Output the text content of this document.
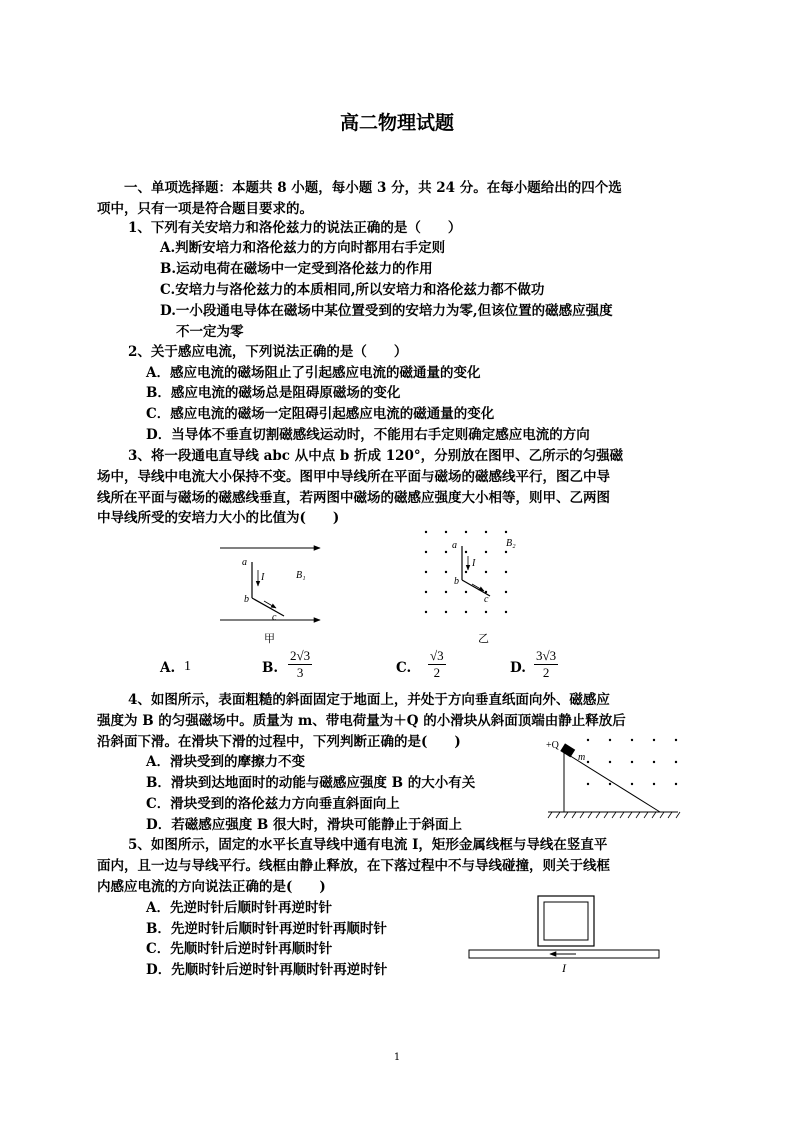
高二物理试题
一、单项选择题：本题共 8 小题，每小题 3 分，共 24 分。在每小题给出的四个选
项中，只有一项是符合题目要求的。
1、下列有关安培力和洛伦兹力的说法正确的是（　　）
A.判断安培力和洛伦兹力的方向时都用右手定则
B.运动电荷在磁场中一定受到洛伦兹力的作用
C.安培力与洛伦兹力的本质相同,所以安培力和洛伦兹力都不做功
D.一小段通电导体在磁场中某位置受到的安培力为零,但该位置的磁感应强度
不一定为零
2、关于感应电流，下列说法正确的是（　　）
A．感应电流的磁场阻止了引起感应电流的磁通量的变化
B．感应电流的磁场总是阻碍原磁场的变化
C．感应电流的磁场一定阻碍引起感应电流的磁通量的变化
D．当导体不垂直切割磁感线运动时，不能用右手定则确定感应电流的方向
3、将一段通电直导线 abc 从中点 b 折成 120°，分别放在图甲、乙所示的匀强磁
场中，导线中电流大小保持不变。图甲中导线所在平面与磁场的磁感线平行，图乙中导
线所在平面与磁场的磁感线垂直，若两图中磁场的磁感应强度大小相等，则甲、乙两图
中导线所受的安培力大小的比值为(　　)
a
I	B₁
b
c
甲
a
I
B₂
b
c
乙
A. 1	B. $\frac{2√3}{3}$	C. $\frac{√3}{2}$	D. $\frac{3√3}{2}$
4、如图所示，表面粗糙的斜面固定于地面上，并处于方向垂直纸面向外、磁感应
强度为 B 的匀强磁场中。质量为 m、带电荷量为＋Q 的小滑块从斜面顶端由静止释放后
沿斜面下滑。在滑块下滑的过程中，下列判断正确的是(　　)
A．滑块受到的摩擦力不变
B．滑块到达地面时的动能与磁感应强度 B 的大小有关
C．滑块受到的洛伦兹力方向垂直斜面向上
D．若磁感应强度 B 很大时，滑块可能静止于斜面上
+Q
m
5、如图所示，固定的水平长直导线中通有电流 I，矩形金属线框与导线在竖直平
面内，且一边与导线平行。线框由静止释放，在下落过程中不与导线碰撞，则关于线框
内感应电流的方向说法正确的是(　　)
A．先逆时针后顺时针再逆时针
B．先逆时针后顺时针再逆时针再顺时针
C．先顺时针后逆时针再顺时针
D．先顺时针后逆时针再顺时针再逆时针	I
1
